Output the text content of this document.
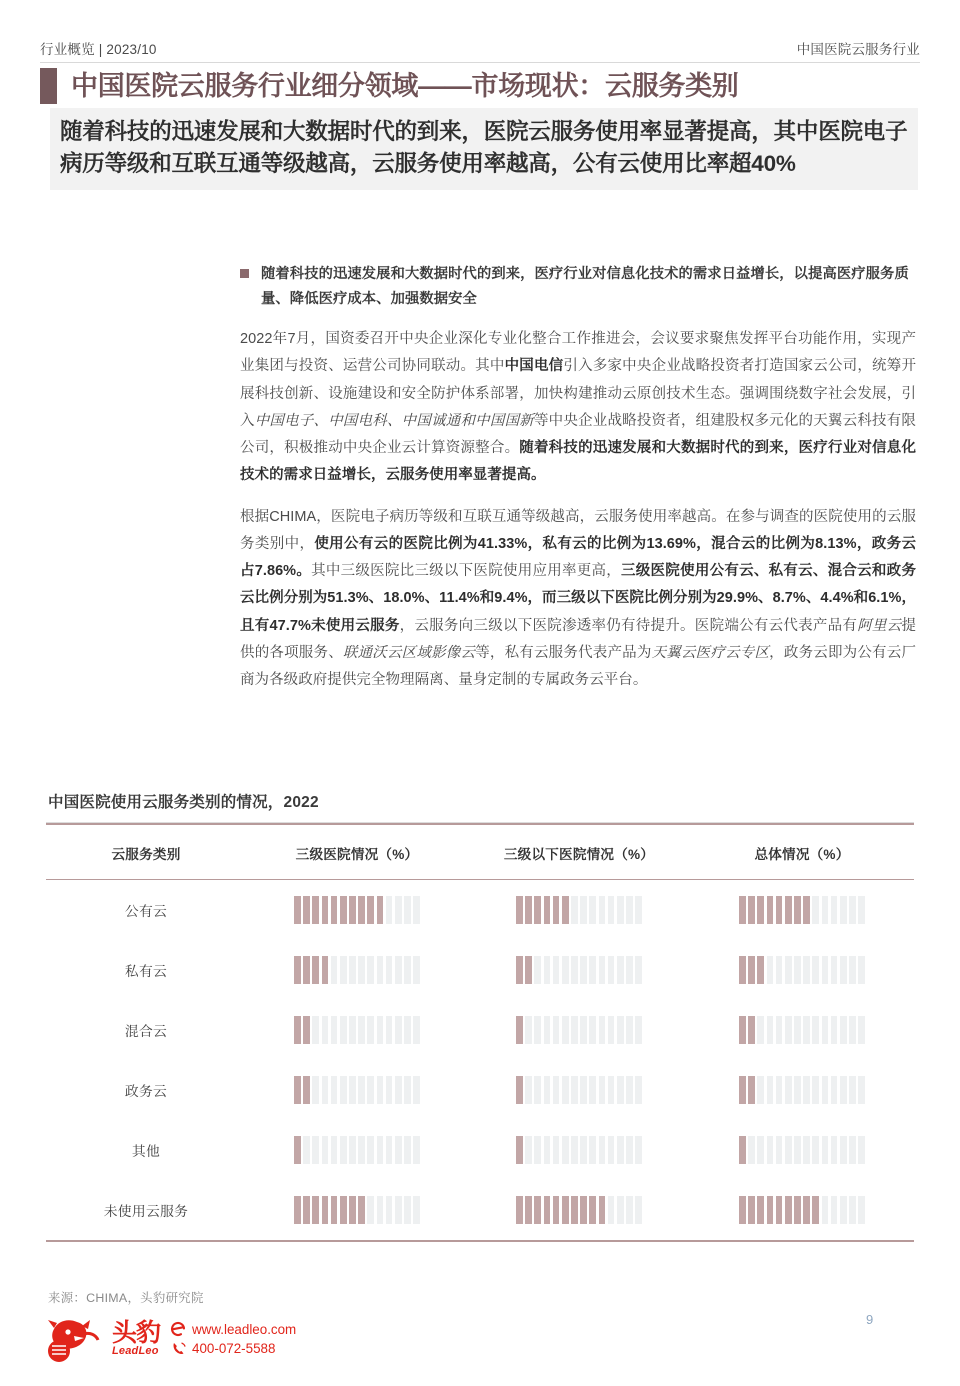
行业概览 | 2023/10	中国医院云服务行业
中国医院云服务行业细分领域——市场现状：云服务类别
随着科技的迅速发展和大数据时代的到来，医院云服务使用率显著提高，其中医院电子病历等级和互联互通等级越高，云服务使用率越高，公有云使用比率超40%
随着科技的迅速发展和大数据时代的到来，医疗行业对信息化技术的需求日益增长，以提高医疗服务质量、降低医疗成本、加强数据安全

2022年7月，国资委召开中央企业深化专业化整合工作推进会，会议要求聚焦发挥平台功能作用，实现产业集团与投资、运营公司协同联动。其中中国电信引入多家中央企业战略投资者打造国家云公司，统筹开展科技创新、设施建设和安全防护体系部署，加快构建推动云原创技术生态。强调围绕数字社会发展，引入中国电子、中国电科、中国诚通和中国国新等中央企业战略投资者，组建股权多元化的天翼云科技有限公司，积极推动中央企业云计算资源整合。随着科技的迅速发展和大数据时代的到来，医疗行业对信息化技术的需求日益增长，云服务使用率显著提高。

根据CHIMA，医院电子病历等级和互联互通等级越高，云服务使用率越高。在参与调查的医院使用的云服务类别中，使用公有云的医院比例为41.33%，私有云的比例为13.69%，混合云的比例为8.13%，政务云占7.86%。其中三级医院比三级以下医院使用应用率更高，三级医院使用公有云、私有云、混合云和政务云比例分别为51.3%、18.0%、11.4%和9.4%，而三级以下医院比例分别为29.9%、8.7%、4.4%和6.1%，且有47.7%未使用云服务，云服务向三级以下医院渗透率仍有待提升。医院端公有云代表产品有阿里云提供的各项服务、联通沃云区域影像云等，私有云服务代表产品为天翼云医疗云专区，政务云即为公有云厂商为各级政府提供完全物理隔离、量身定制的专属政务云平台。

中国医院使用云服务类别的情况，2022
云服务类别	三级医院情况（%）	三级以下医院情况（%）	总体情况（%）
公有云
私有云
混合云
政务云
其他
未使用云服务
来源：CHIMA，头豹研究院
头豹
LeadLeo
www.leadleo.com
400-072-5588
9
